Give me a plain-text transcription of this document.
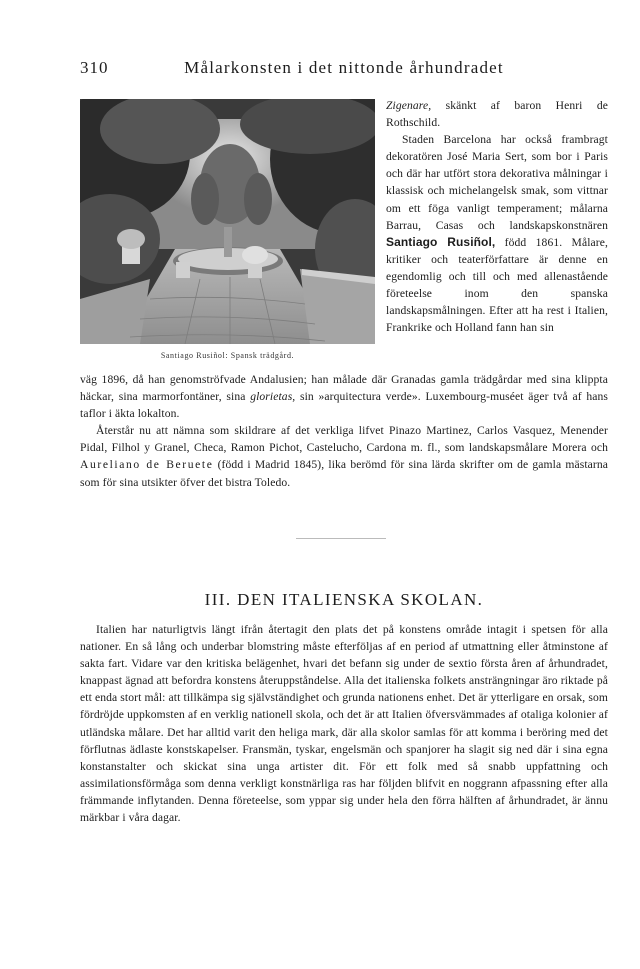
310	Målarkonsten i det nittonde århundradet
Santiago Rusiñol: Spansk trädgård.

Zigenare, skänkt af baron Henri de Rothschild.

Staden Barcelona har också frambragt dekoratören José Maria Sert, som bor i Paris och där har utfört stora dekorativa målningar i klassisk och michelangelsk smak, som vittnar om ett föga vanligt temperament; målarna Barrau, Casas och landskapskonstnären Santiago Rusiñol, född 1861. Målare, kritiker och teaterförfattare är denne en egendomlig och till och med allenastående företeelse inom den spanska landskapsmålningen. Efter att ha rest i Italien, Frankrike och Holland fann han sin

väg 1896, då han genomströfvade Andalusien; han målade där Granadas gamla trädgårdar med sina klippta häckar, sina marmorfontäner, sina glorietas, sin »arquitectura verde». Luxembourg-muséet äger två af hans taflor i äkta lokalton.

Återstår nu att nämna som skildrare af det verkliga lifvet Pinazo Martinez, Carlos Vasquez, Menender Pidal, Filhol y Granel, Checa, Ramon Pichot, Castelucho, Cardona m. fl., som landskapsmålare Morera och Aureliano de Beruete (född i Madrid 1845), lika berömd för sina lärda skrifter om de gamla mästarna som för sina utsikter öfver det bistra Toledo.

III. DEN ITALIENSKA SKOLAN.

Italien har naturligtvis längt ifrån återtagit den plats det på konstens område intagit i spetsen för alla nationer. En så lång och underbar blomstring måste efterföljas af en period af utmattning eller åtminstone af sakta fart. Vidare var den kritiska belägenhet, hvari det befann sig under de sextio första åren af århundradet, knappast ägnad att befordra konstens återuppståndelse. Alla det italienska folkets ansträngningar äro riktade på ett enda stort mål: att tillkämpa sig självständighet och grunda nationens enhet. Det är ytterligare en orsak, som fördröjde uppkomsten af en verklig nationell skola, och det är att Italien öfversvämmades af otaliga kolonier af utländska målare. Det har alltid varit den heliga mark, där alla skolor samlas för att komma i beröring med det förflutnas ädlaste konstskapelser. Fransmän, tyskar, engelsmän och spanjorer ha slagit sig ned där i sina egna konstanstalter och skickat sina unga artister dit. För ett folk med så snabb uppfattning och assimilationsförmåga som denna verkligt konstnärliga ras har följden blifvit en noggrann afpassning efter alla främmande inflytanden. Denna företeelse, som yppar sig under hela den förra hälften af århundradet, är ännu märkbar i våra dagar.
